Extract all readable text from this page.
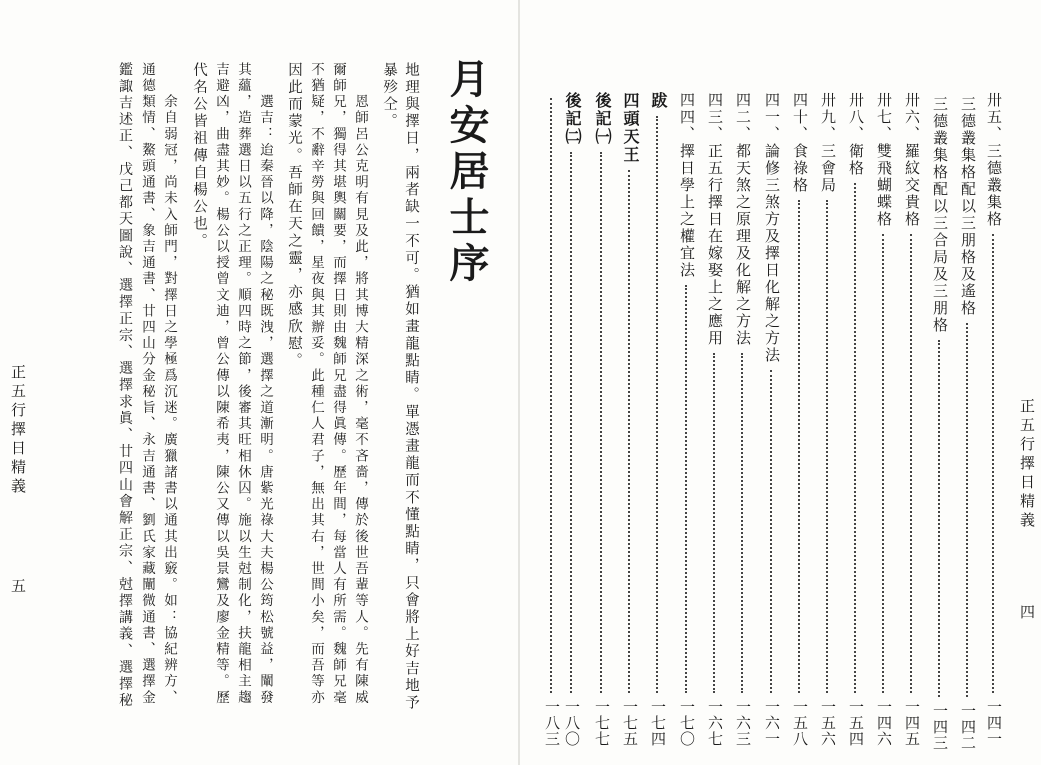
正五行擇日精義
四
卅五、三德叢集格
一四一
三德叢集格配以三朋格及遙格
一四二
三德叢集格配以三合局及三朋格
一四三
卅六、羅紋交貴格
一四五
卅七、雙飛蝴蝶格
一四六
卅八、衛格
一五四
卅九、三會局
一五六
四十、食祿格
一五八
四一、論修三煞方及擇日化解之方法
一六一
四二、都天煞之原理及化解之方法
一六三
四三、正五行擇日在嫁娶上之應用
一六七
四四、擇日學上之權宜法
一七〇
跋
一七四
四頭天王
一七五
後記㈠
一七七
後記㈡
一八〇
一八三
月安居士序
地理與擇日，兩者缺一不可。猶如畫龍點睛。單憑畫龍而不懂點睛，只會將上好吉地予
暴殄仝。
　　恩師呂公克明有見及此，將其博大精深之術，毫不吝嗇，傳於後世吾輩等人。先有陳威
爾師兄，獨得其堪輿關要，而擇日則由魏師兄盡得眞傳。歷年間，每當人有所需。魏師兄毫
不猶疑，不辭辛勞與回饋，星夜與其辦妥。此種仁人君子，無出其右，世間小矣，而吾等亦
因此而蒙光。吾師在天之靈，亦感欣慰。
　　選吉：迨秦晉以降，陰陽之秘既洩，選擇之道漸明。唐紫光祿大夫楊公筠松號益，闡發
其蘊，造葬選日以五行之正理。順四時之節，後審其旺相休囚。施以生尅制化，扶龍相主趨
吉避凶，曲盡其妙。楊公以授曾文迪，曾公傳以陳希夷，陳公又傳以吳景鸞及廖金精等。歷
代名公皆祖傳自楊公也。
　　余自弱冠，尚未入師門，對擇日之學極爲沉迷。廣獵諸書以通其出竅。如：協紀辨方、
通德類情、鰲頭通書、象吉通書、廿四山分金秘旨、永吉通書、劉氏家藏闡微通書、選擇金
鑑諏吉述正、戊己都天圖說、選擇正宗、選擇求眞、廿四山會解正宗、尅擇講義、選擇秘
正五行擇日精義
五
